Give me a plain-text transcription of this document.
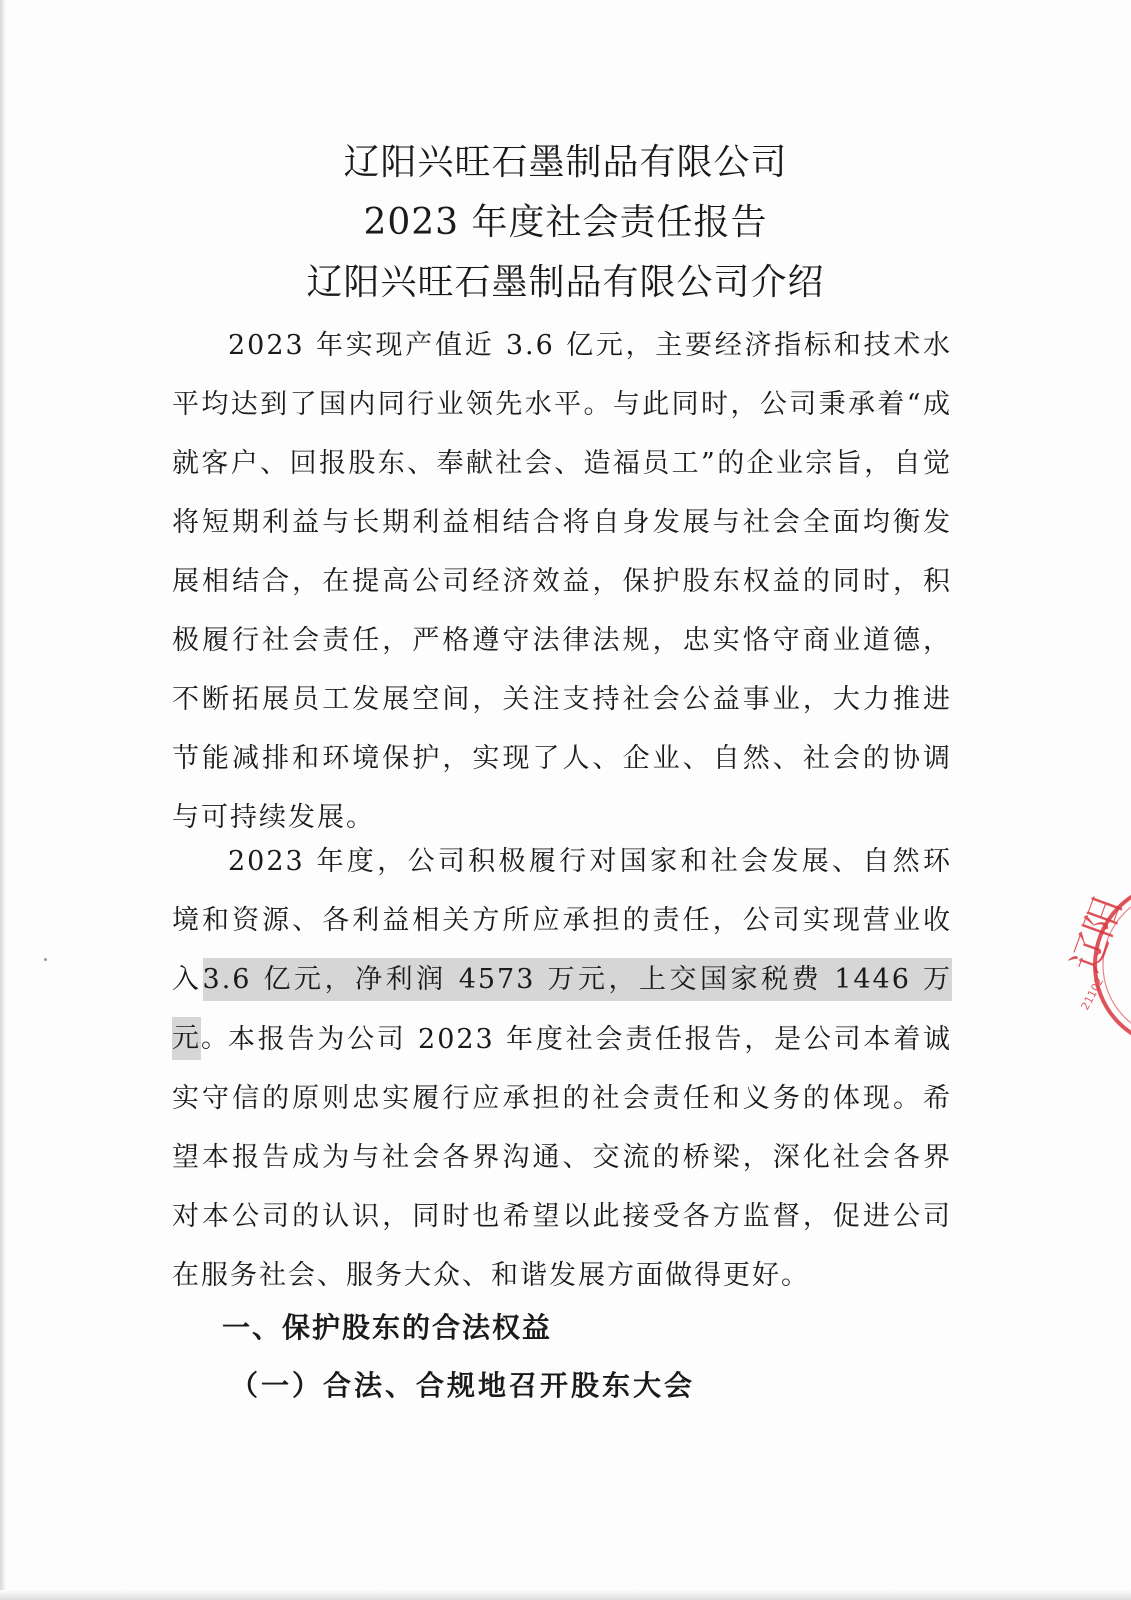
辽阳兴旺石墨制品有限公司
2023 年度社会责任报告
辽阳兴旺石墨制品有限公司介绍

2023 年实现产值近 3.6 亿元，主要经济指标和技术水平均达到了国内同行业领先水平。与此同时，公司秉承着“成就客户、回报股东、奉献社会、造福员工”的企业宗旨，自觉将短期利益与长期利益相结合将自身发展与社会全面均衡发展相结合，在提高公司经济效益，保护股东权益的同时，积极履行社会责任，严格遵守法律法规，忠实恪守商业道德，不断拓展员工发展空间，关注支持社会公益事业，大力推进节能减排和环境保护，实现了人、企业、自然、社会的协调与可持续发展。

2023 年度，公司积极履行对国家和社会发展、自然环境和资源、各利益相关方所应承担的责任，公司实现营业收入3.6 亿元，净利润 4573 万元，上交国家税费 1446 万元。

本报告为公司 2023 年度社会责任报告，是公司本着诚实守信的原则忠实履行应承担的社会责任和义务的体现。希望本报告成为与社会各界沟通、交流的桥梁，深化社会各界对本公司的认识，同时也希望以此接受各方监督，促进公司在服务社会、服务大众、和谐发展方面做得更好。

一、保护股东的合法权益
（一）合法、合规地召开股东大会
辽阳
21102
